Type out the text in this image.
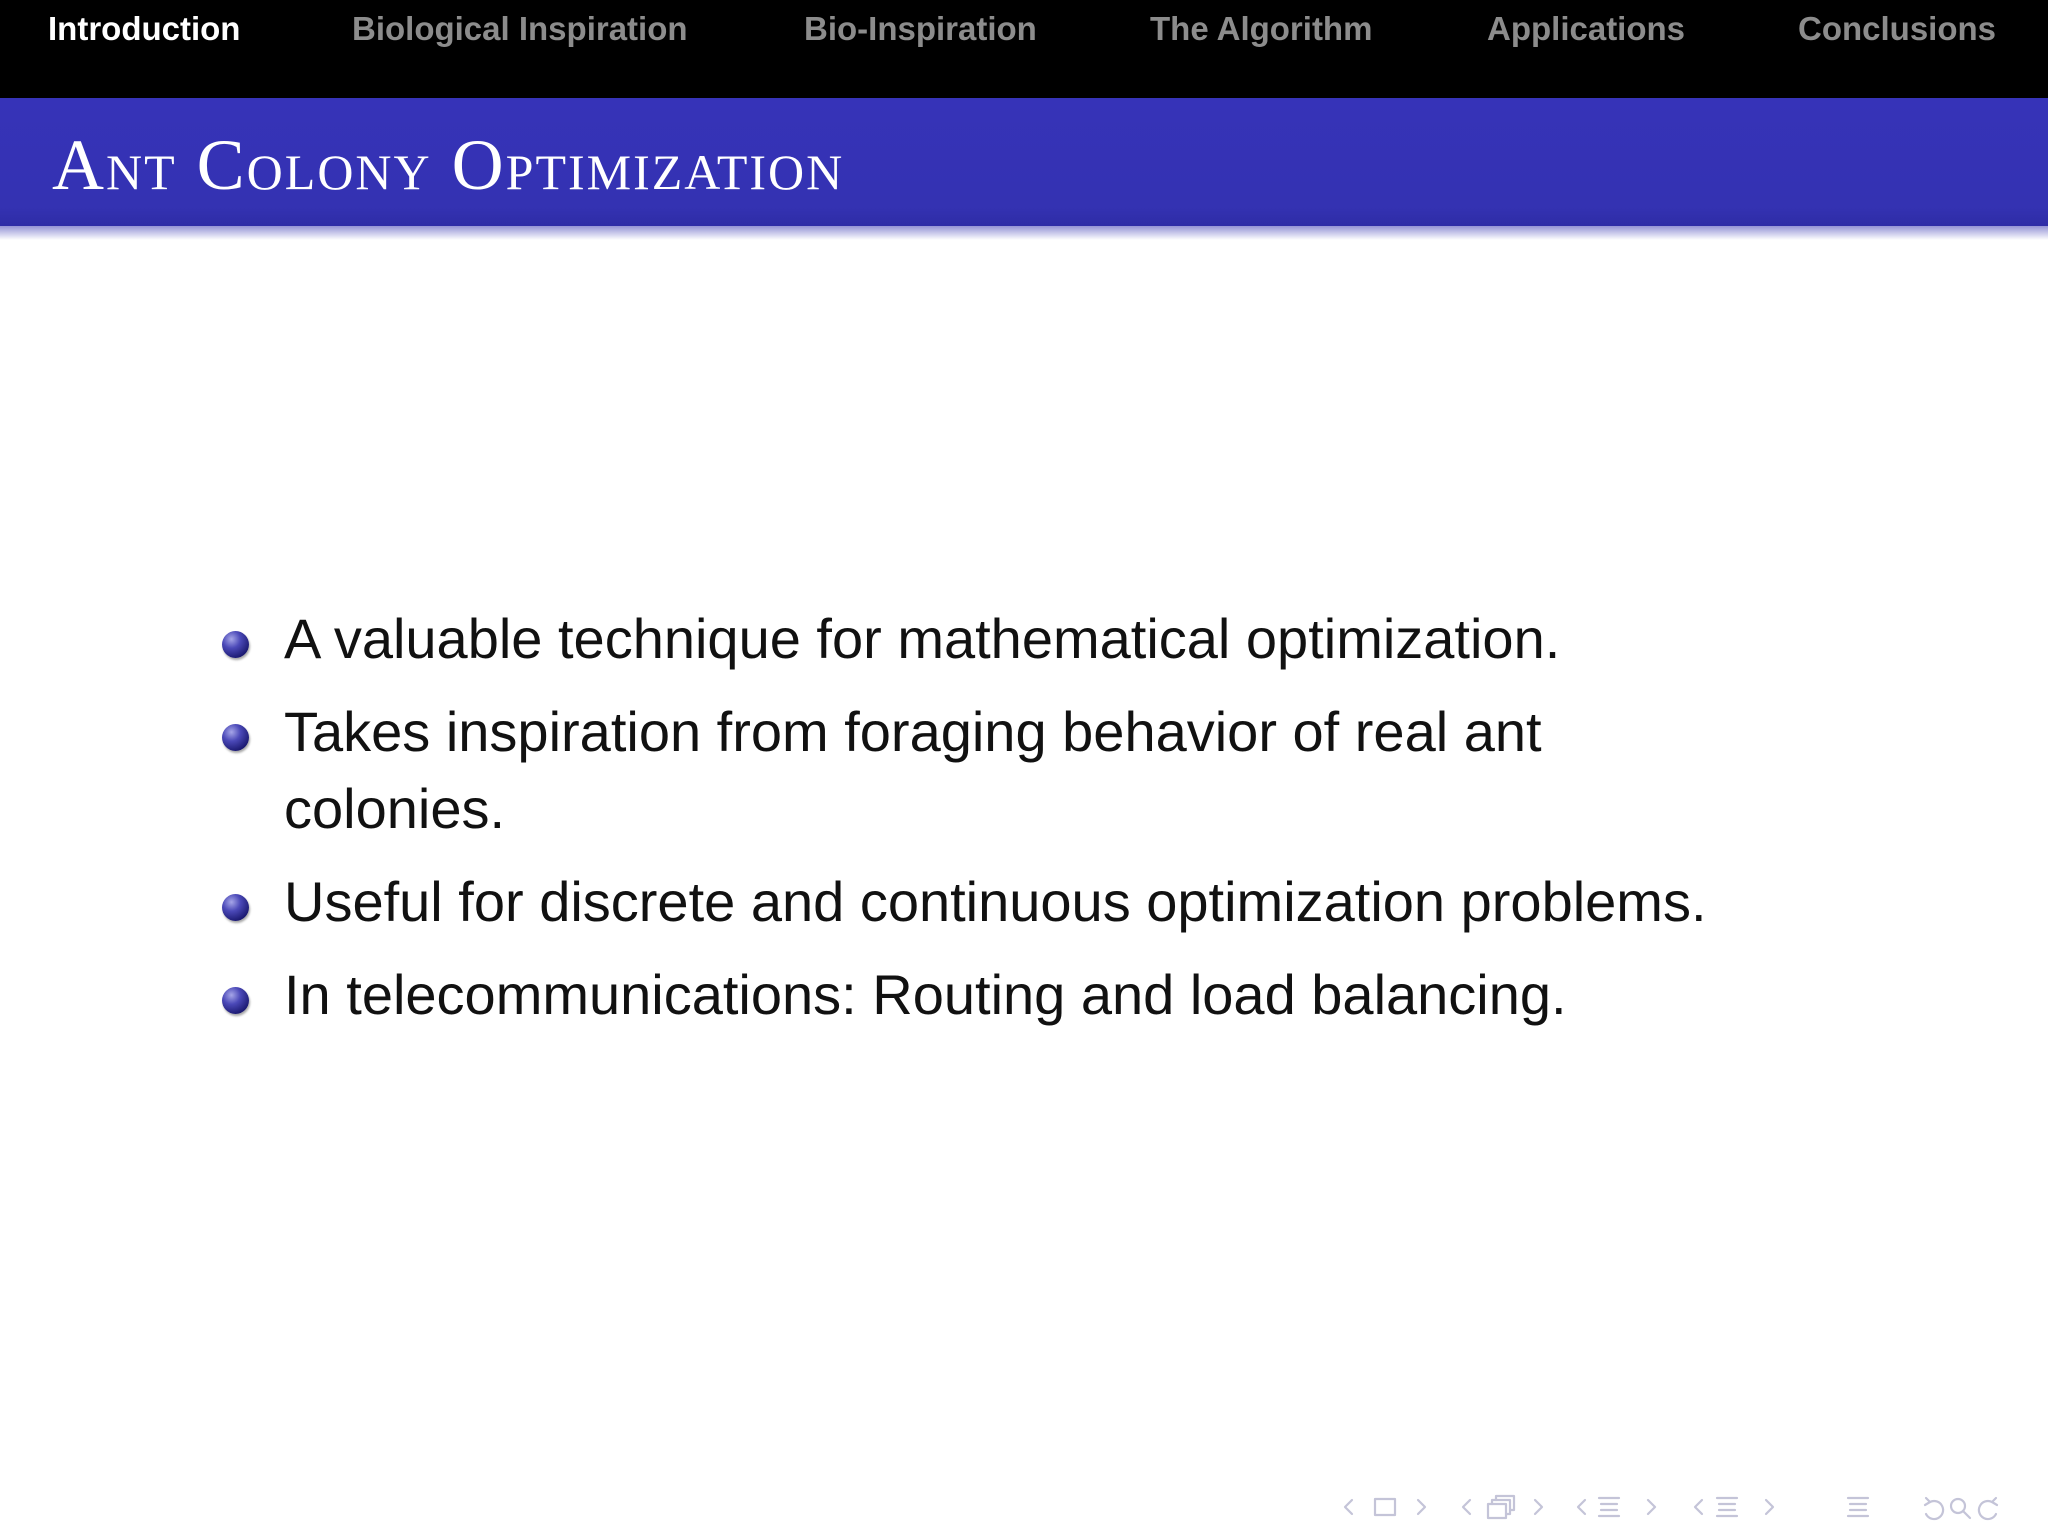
Introduction	Biological Inspiration	Bio-Inspiration	The Algorithm	Applications	Conclusions
Ant Colony Optimization
A valuable technique for mathematical optimization.
Takes inspiration from foraging behavior of real ant colonies.
Useful for discrete and continuous optimization problems.
In telecommunications: Routing and load balancing.
